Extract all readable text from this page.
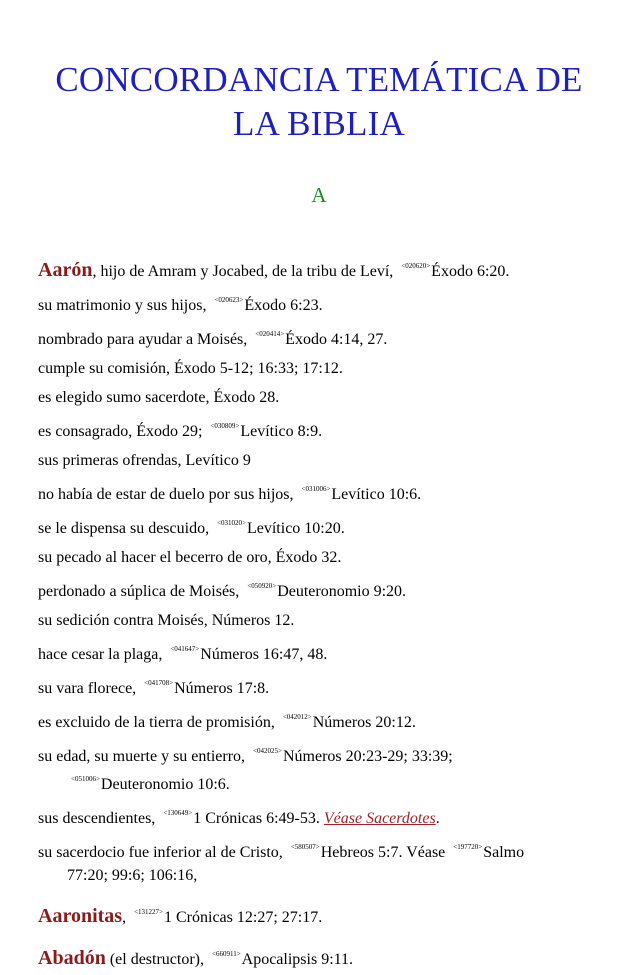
CONCORDANCIA TEMÁTICA DE
LA BIBLIA
A
Aarón, hijo de Amram y Jocabed, de la tribu de Leví, $^{<020620>}$Éxodo 6:20.
su matrimonio y sus hijos, $^{<020623>}$Éxodo 6:23.
nombrado para ayudar a Moisés, $^{<020414>}$Éxodo 4:14, 27.
cumple su comisión, Éxodo 5-12; 16:33; 17:12.
es elegido sumo sacerdote, Éxodo 28.
es consagrado, Éxodo 29; $^{<030809>}$Levítico 8:9.
sus primeras ofrendas, Levítico 9
no había de estar de duelo por sus hijos, $^{<031006>}$Levítico 10:6.
se le dispensa su descuido, $^{<031020>}$Levítico 10:20.
su pecado al hacer el becerro de oro, Éxodo 32.
perdonado a súplica de Moisés, $^{<050920>}$Deuteronomio 9:20.
su sedición contra Moisés, Números 12.
hace cesar la plaga, $^{<041647>}$Números 16:47, 48.
su vara florece, $^{<041708>}$Números 17:8.
es excluido de la tierra de promisión, $^{<042012>}$Números 20:12.
su edad, su muerte y su entierro, $^{<042025>}$Números 20:23-29; 33:39;
$^{<051006>}$Deuteronomio 10:6.
sus descendientes, $^{<130649>}$1 Crónicas 6:49-53. Véase Sacerdotes.
su sacerdocio fue inferior al de Cristo, $^{<580507>}$Hebreos 5:7. Véase $^{<197720>}$Salmo
77:20; 99:6; 106:16,
Aaronitas, $^{<131227>}$1 Crónicas 12:27; 27:17.
Abadón (el destructor), $^{<660911>}$Apocalipsis 9:11.
